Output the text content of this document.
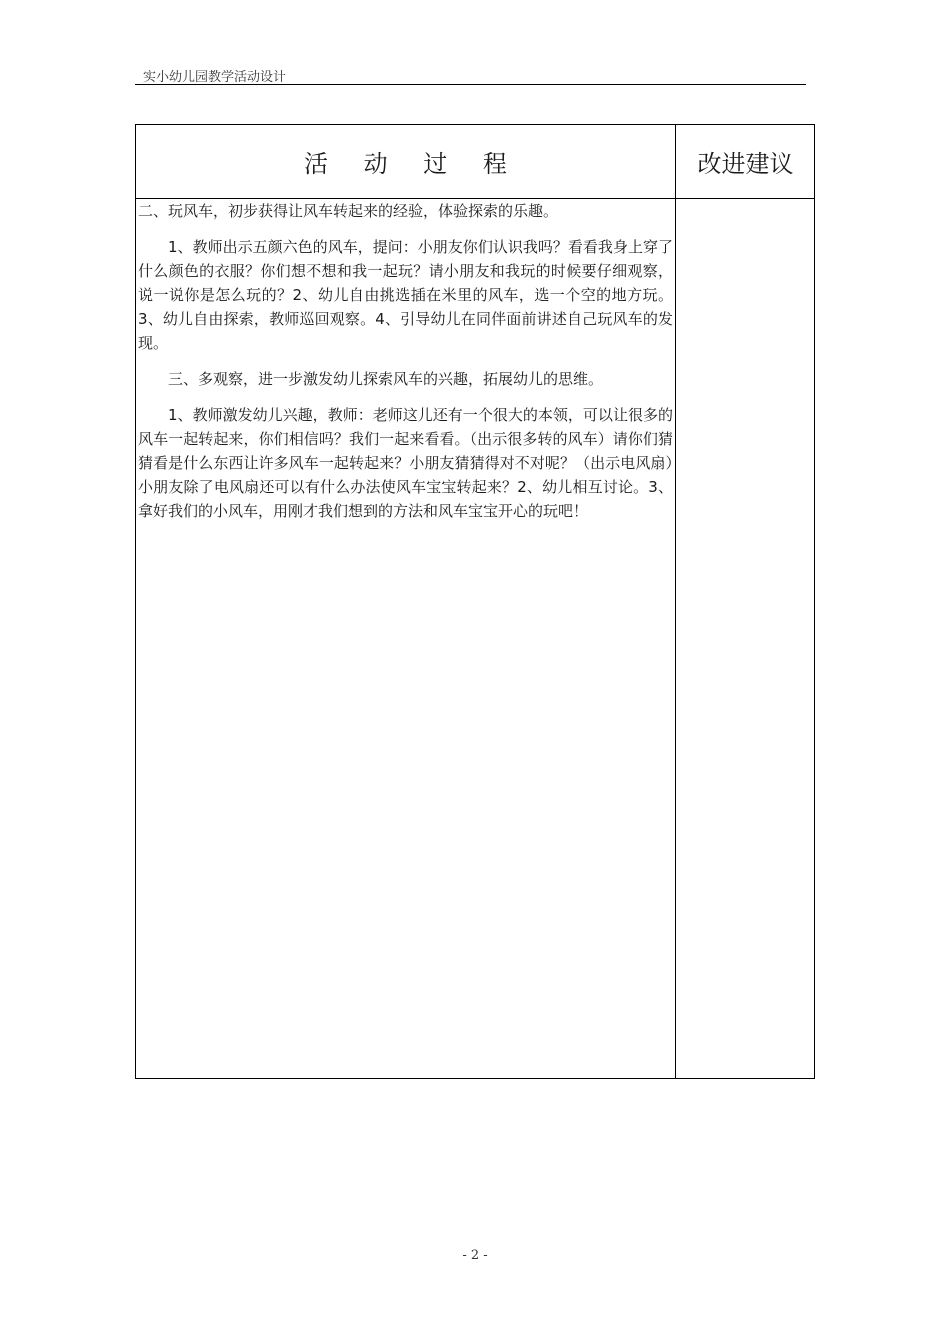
实小幼儿园教学活动设计
活 动 过 程	改进建议

二、玩风车，初步获得让风车转起来的经验，体验探索的乐趣。

1、教师出示五颜六色的风车，提问：小朋友你们认识我吗？看看我身上穿了什么颜色的衣服？你们想不想和我一起玩？请小朋友和我玩的时候要仔细观察，说一说你是怎么玩的？2、幼儿自由挑选插在米里的风车，选一个空的地方玩。3、幼儿自由探索，教师巡回观察。4、引导幼儿在同伴面前讲述自己玩风车的发现。

三、多观察，进一步激发幼儿探索风车的兴趣，拓展幼儿的思维。

1、教师激发幼儿兴趣，教师：老师这儿还有一个很大的本领，可以让很多的风车一起转起来，你们相信吗？我们一起来看看。（出示很多转的风车）请你们猜猜看是什么东西让许多风车一起转起来？小朋友猜猜得对不对呢？（出示电风扇）小朋友除了电风扇还可以有什么办法使风车宝宝转起来？2、幼儿相互讨论。3、拿好我们的小风车，用刚才我们想到的方法和风车宝宝开心的玩吧！

- 2 -
